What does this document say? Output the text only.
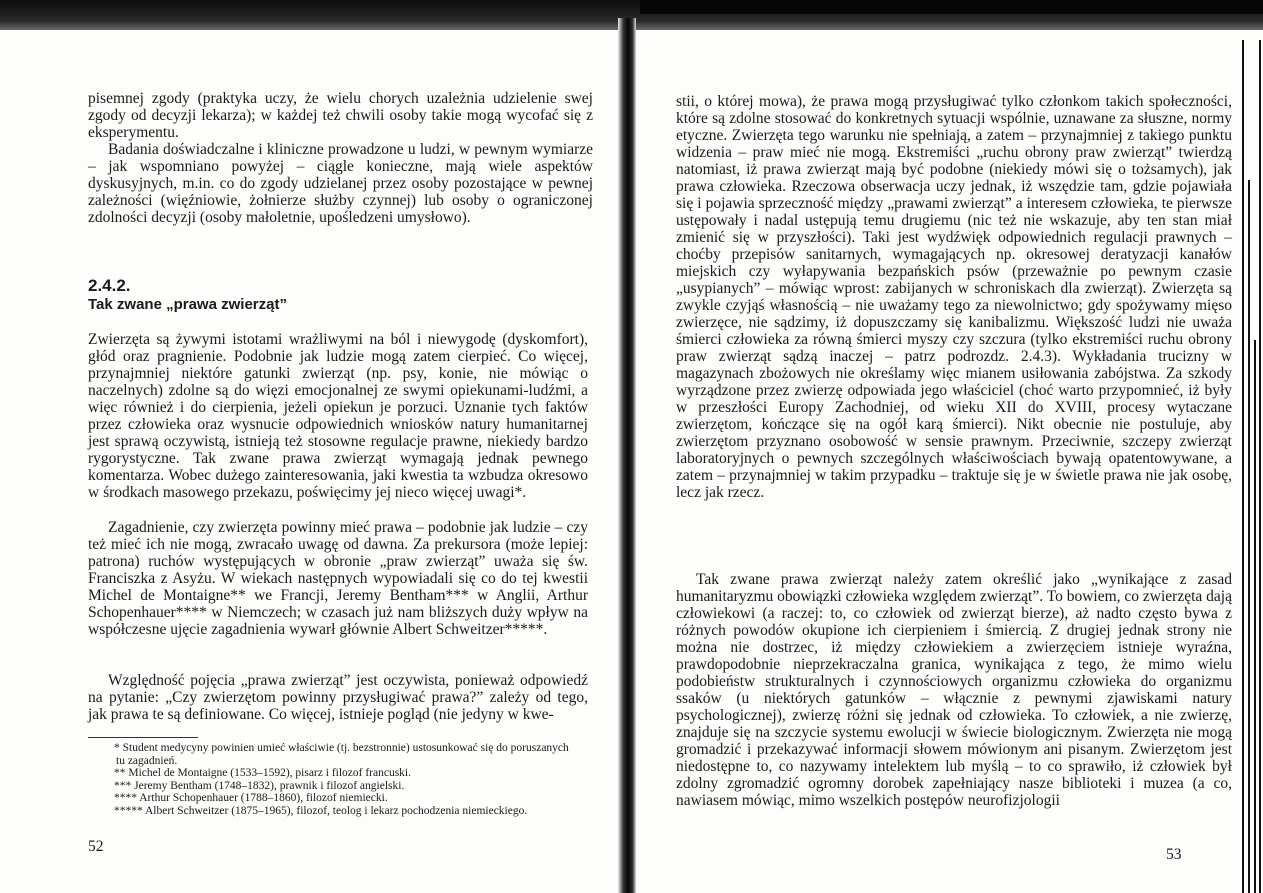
pisemnej zgody (praktyka uczy, że wielu chorych uzależnia udzielenie swej zgody od decyzji lekarza); w każdej też chwili osoby takie mogą wycofać się z eksperymentu.

Badania doświadczalne i kliniczne prowadzone u ludzi, w pewnym wymiarze – jak wspomniano powyżej – ciągle konieczne, mają wiele aspektów dyskusyjnych, m.in. co do zgody udzielanej przez osoby pozostające w pewnej zależności (więźniowie, żołnierze służby czynnej) lub osoby o ograniczonej zdolności decyzji (osoby małoletnie, upośledzeni umysłowo).

2.4.2.

Tak zwane „prawa zwierząt”

Zwierzęta są żywymi istotami wrażliwymi na ból i niewygodę (dyskomfort), głód oraz pragnienie. Podobnie jak ludzie mogą zatem cierpieć. Co więcej, przynajmniej niektóre gatunki zwierząt (np. psy, konie, nie mówiąc o naczelnych) zdolne są do więzi emocjonalnej ze swymi opiekunami-ludźmi, a więc również i do cierpienia, jeżeli opiekun je porzuci. Uznanie tych faktów przez człowieka oraz wysnucie odpowiednich wniosków natury humanitarnej jest sprawą oczywistą, istnieją też stosowne regulacje prawne, niekiedy bardzo rygorystyczne. Tak zwane prawa zwierząt wymagają jednak pewnego komentarza. Wobec dużego zainteresowania, jaki kwestia ta wzbudza okresowo w środkach masowego przekazu, poświęcimy jej nieco więcej uwagi*.

Zagadnienie, czy zwierzęta powinny mieć prawa – podobnie jak ludzie – czy też mieć ich nie mogą, zwracało uwagę od dawna. Za prekursora (może lepiej: patrona) ruchów występujących w obronie „praw zwierząt” uważa się św. Franciszka z Asyżu. W wiekach następnych wypowiadali się co do tej kwestii Michel de Montaigne** we Francji, Jeremy Bentham*** w Anglii, Arthur Schopenhauer**** w Niemczech; w czasach już nam bliższych duży wpływ na współczesne ujęcie zagadnienia wywarł głównie Albert Schweitzer*****.

Względność pojęcia „prawa zwierząt” jest oczywista, ponieważ odpowiedź na pytanie: „Czy zwierzętom powinny przysługiwać prawa?” zależy od tego, jak prawa te są definiowane. Co więcej, istnieje pogląd (nie jedyny w kwe-

* Student medycyny powinien umieć właściwie (tj. bezstronnie) ustosunkować się do poruszanych tu zagadnień.
** Michel de Montaigne (1533–1592), pisarz i filozof francuski.
*** Jeremy Bentham (1748–1832), prawnik i filozof angielski.
**** Arthur Schopenhauer (1788–1860), filozof niemiecki.
***** Albert Schweitzer (1875–1965), filozof, teolog i lekarz pochodzenia niemieckiego.

52

stii, o której mowa), że prawa mogą przysługiwać tylko członkom takich społeczności, które są zdolne stosować do konkretnych sytuacji wspólnie, uznawane za słuszne, normy etyczne. Zwierzęta tego warunku nie spełniają, a zatem – przynajmniej z takiego punktu widzenia – praw mieć nie mogą. Ekstremiści „ruchu obrony praw zwierząt” twierdzą natomiast, iż prawa zwierząt mają być podobne (niekiedy mówi się o tożsamych), jak prawa człowieka. Rzeczowa obserwacja uczy jednak, iż wszędzie tam, gdzie pojawiała się i pojawia sprzeczność między „prawami zwierząt” a interesem człowieka, te pierwsze ustępowały i nadal ustępują temu drugiemu (nic też nie wskazuje, aby ten stan miał zmienić się w przyszłości). Taki jest wydźwięk odpowiednich regulacji prawnych – choćby przepisów sanitarnych, wymagających np. okresowej deratyzacji kanałów miejskich czy wyłapywania bezpańskich psów (przeważnie po pewnym czasie „usypianych” – mówiąc wprost: zabijanych w schroniskach dla zwierząt). Zwierzęta są zwykle czyjąś własnością – nie uważamy tego za niewolnictwo; gdy spożywamy mięso zwierzęce, nie sądzimy, iż dopuszczamy się kanibalizmu. Większość ludzi nie uważa śmierci człowieka za równą śmierci myszy czy szczura (tylko ekstremiści ruchu obrony praw zwierząt sądzą inaczej – patrz podrozdz. 2.4.3). Wykładania trucizny w magazynach zbożowych nie określamy więc mianem usiłowania zabójstwa. Za szkody wyrządzone przez zwierzę odpowiada jego właściciel (choć warto przypomnieć, iż były w przeszłości Europy Zachodniej, od wieku XII do XVIII, procesy wytaczane zwierzętom, kończące się na ogół karą śmierci). Nikt obecnie nie postuluje, aby zwierzętom przyznano osobowość w sensie prawnym. Przeciwnie, szczepy zwierząt laboratoryjnych o pewnych szczególnych właściwościach bywają opatentowywane, a zatem – przynajmniej w takim przypadku – traktuje się je w świetle prawa nie jak osobę, lecz jak rzecz.

Tak zwane prawa zwierząt należy zatem określić jako „wynikające z zasad humanitaryzmu obowiązki człowieka względem zwierząt”. To bowiem, co zwierzęta dają człowiekowi (a raczej: to, co człowiek od zwierząt bierze), aż nadto często bywa z różnych powodów okupione ich cierpieniem i śmiercią. Z drugiej jednak strony nie można nie dostrzec, iż między człowiekiem a zwierzęciem istnieje wyraźna, prawdopodobnie nieprzekraczalna granica, wynikająca z tego, że mimo wielu podobieństw strukturalnych i czynnościowych organizmu człowieka do organizmu ssaków (u niektórych gatunków – włącznie z pewnymi zjawiskami natury psychologicznej), zwierzę różni się jednak od człowieka. To człowiek, a nie zwierzę, znajduje się na szczycie systemu ewolucji w świecie biologicznym. Zwierzęta nie mogą gromadzić i przekazywać informacji słowem mówionym ani pisanym. Zwierzętom jest niedostępne to, co nazywamy intelektem lub myślą – to co sprawiło, iż człowiek był zdolny zgromadzić ogromny dorobek zapełniający nasze biblioteki i muzea (a co, nawiasem mówiąc, mimo wszelkich postępów neurofizjologii

53
